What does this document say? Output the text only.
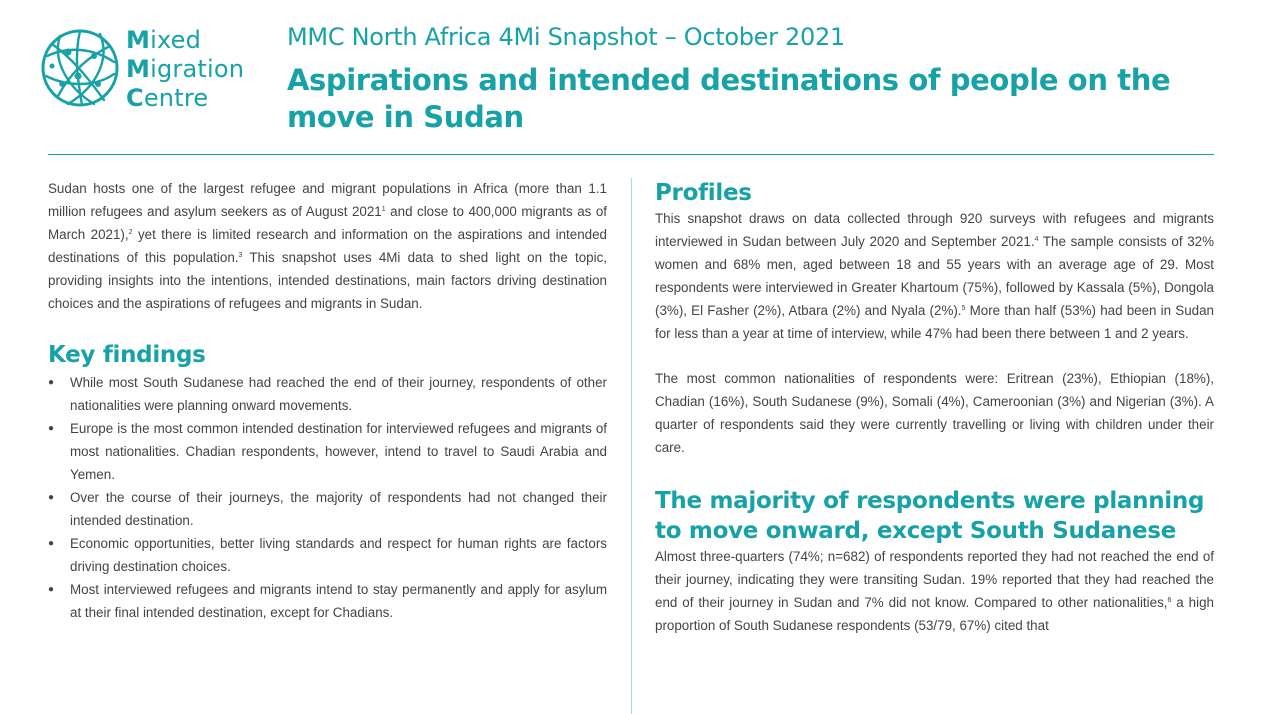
Mixed
Migration
Centre
MMC North Africa 4Mi Snapshot – October 2021
Aspirations and intended destinations of people on the move in Sudan

Sudan hosts one of the largest refugee and migrant populations in Africa (more than 1.1 million refugees and asylum seekers as of August 2021$^1$ and close to 400,000 migrants as of March 2021),$^2$ yet there is limited research and information on the aspirations and intended destinations of this population.$^3$ This snapshot uses 4Mi data to shed light on the topic, providing insights into the intentions, intended destinations, main factors driving destination choices and the aspirations of refugees and migrants in Sudan.

Key findings
● While most South Sudanese had reached the end of their journey, respondents of other nationalities were planning onward movements.
● Europe is the most common intended destination for interviewed refugees and migrants of most nationalities. Chadian respondents, however, intend to travel to Saudi Arabia and Yemen.
● Over the course of their journeys, the majority of respondents had not changed their intended destination.
● Economic opportunities, better living standards and respect for human rights are factors driving destination choices.
● Most interviewed refugees and migrants intend to stay permanently and apply for asylum at their final intended destination, except for Chadians.
Profiles

This snapshot draws on data collected through 920 surveys with refugees and migrants interviewed in Sudan between July 2020 and September 2021.$^4$ The sample consists of 32% women and 68% men, aged between 18 and 55 years with an average age of 29. Most respondents were interviewed in Greater Khartoum (75%), followed by Kassala (5%), Dongola (3%), El Fasher (2%), Atbara (2%) and Nyala (2%).$^5$ More than half (53%) had been in Sudan for less than a year at time of interview, while 47% had been there between 1 and 2 years.

The most common nationalities of respondents were: Eritrean (23%), Ethiopian (18%), Chadian (16%), South Sudanese (9%), Somali (4%), Cameroonian (3%) and Nigerian (3%). A quarter of respondents said they were currently travelling or living with children under their care.

The majority of respondents were planning to move onward, except South Sudanese

Almost three-quarters (74%; n=682) of respondents reported they had not reached the end of their journey, indicating they were transiting Sudan. 19% reported that they had reached the end of their journey in Sudan and 7% did not know. Compared to other nationalities,$^6$ a high proportion of South Sudanese respondents (53/79, 67%) cited that
